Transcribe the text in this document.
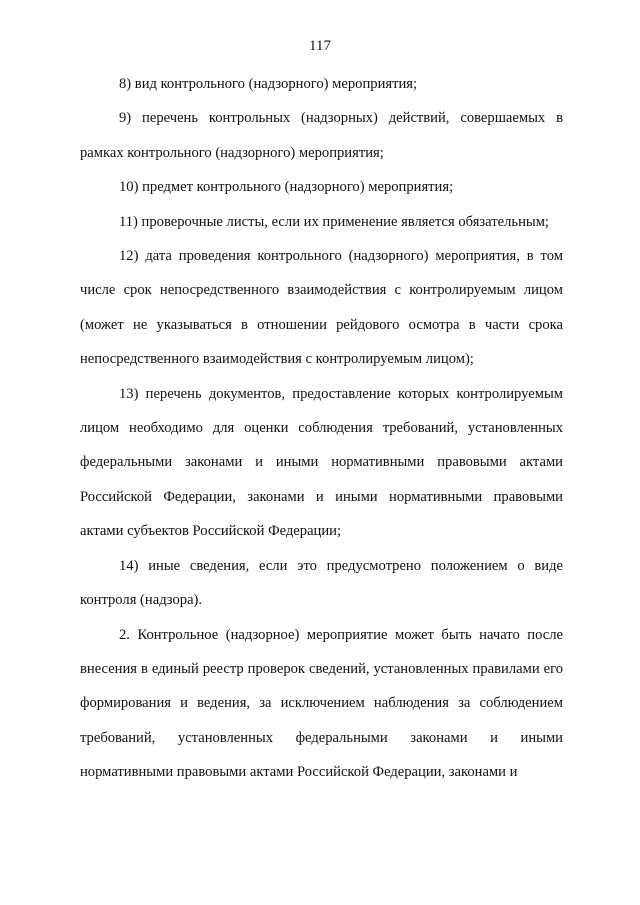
117

8) вид контрольного (надзорного) мероприятия;

9) перечень контрольных (надзорных) действий, совершаемых в рамках контрольного (надзорного) мероприятия;

10) предмет контрольного (надзорного) мероприятия;

11) проверочные листы, если их применение является обязательным;

12) дата проведения контрольного (надзорного) мероприятия, в том числе срок непосредственного взаимодействия с контролируемым лицом (может не указываться в отношении рейдового осмотра в части срока непосредственного взаимодействия с контролируемым лицом);

13) перечень документов, предоставление которых контролируемым лицом необходимо для оценки соблюдения требований, установленных федеральными законами и иными нормативными правовыми актами Российской Федерации, законами и иными нормативными правовыми актами субъектов Российской Федерации;

14) иные сведения, если это предусмотрено положением о виде контроля (надзора).

2. Контрольное (надзорное) мероприятие может быть начато после внесения в единый реестр проверок сведений, установленных правилами его формирования и ведения, за исключением наблюдения за соблюдением требований, установленных федеральными законами и иными нормативными правовыми актами Российской Федерации, законами и
